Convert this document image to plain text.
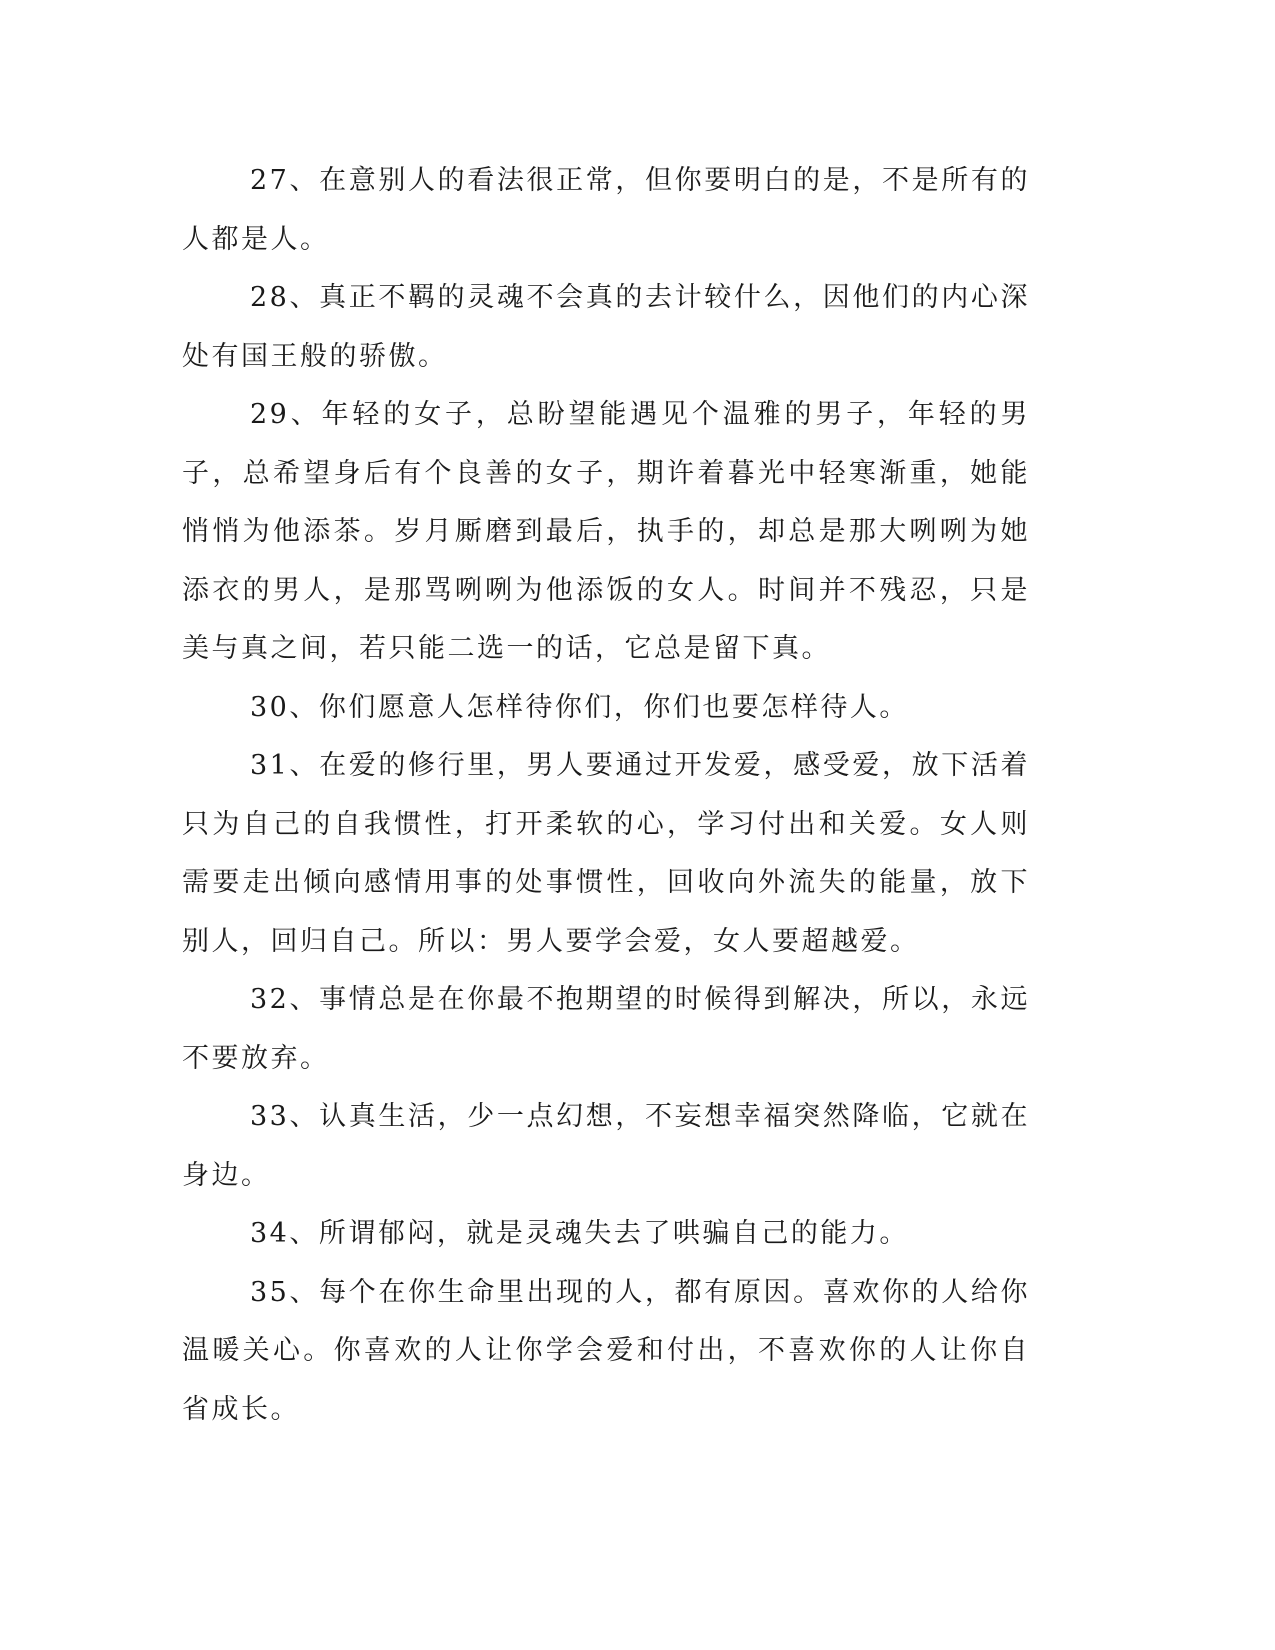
27、在意别人的看法很正常，但你要明白的是，不是所有的人都是人。

28、真正不羁的灵魂不会真的去计较什么，因他们的内心深处有国王般的骄傲。

29、年轻的女子，总盼望能遇见个温雅的男子，年轻的男子，总希望身后有个良善的女子，期许着暮光中轻寒渐重，她能悄悄为他添茶。岁月厮磨到最后，执手的，却总是那大咧咧为她添衣的男人，是那骂咧咧为他添饭的女人。时间并不残忍，只是美与真之间，若只能二选一的话，它总是留下真。

30、你们愿意人怎样待你们，你们也要怎样待人。

31、在爱的修行里，男人要通过开发爱，感受爱，放下活着只为自己的自我惯性，打开柔软的心，学习付出和关爱。女人则需要走出倾向感情用事的处事惯性，回收向外流失的能量，放下别人，回归自己。所以：男人要学会爱，女人要超越爱。

32、事情总是在你最不抱期望的时候得到解决，所以，永远不要放弃。

33、认真生活，少一点幻想，不妄想幸福突然降临，它就在身边。

34、所谓郁闷，就是灵魂失去了哄骗自己的能力。

35、每个在你生命里出现的人，都有原因。喜欢你的人给你温暖关心。你喜欢的人让你学会爱和付出，不喜欢你的人让你自省成长。
